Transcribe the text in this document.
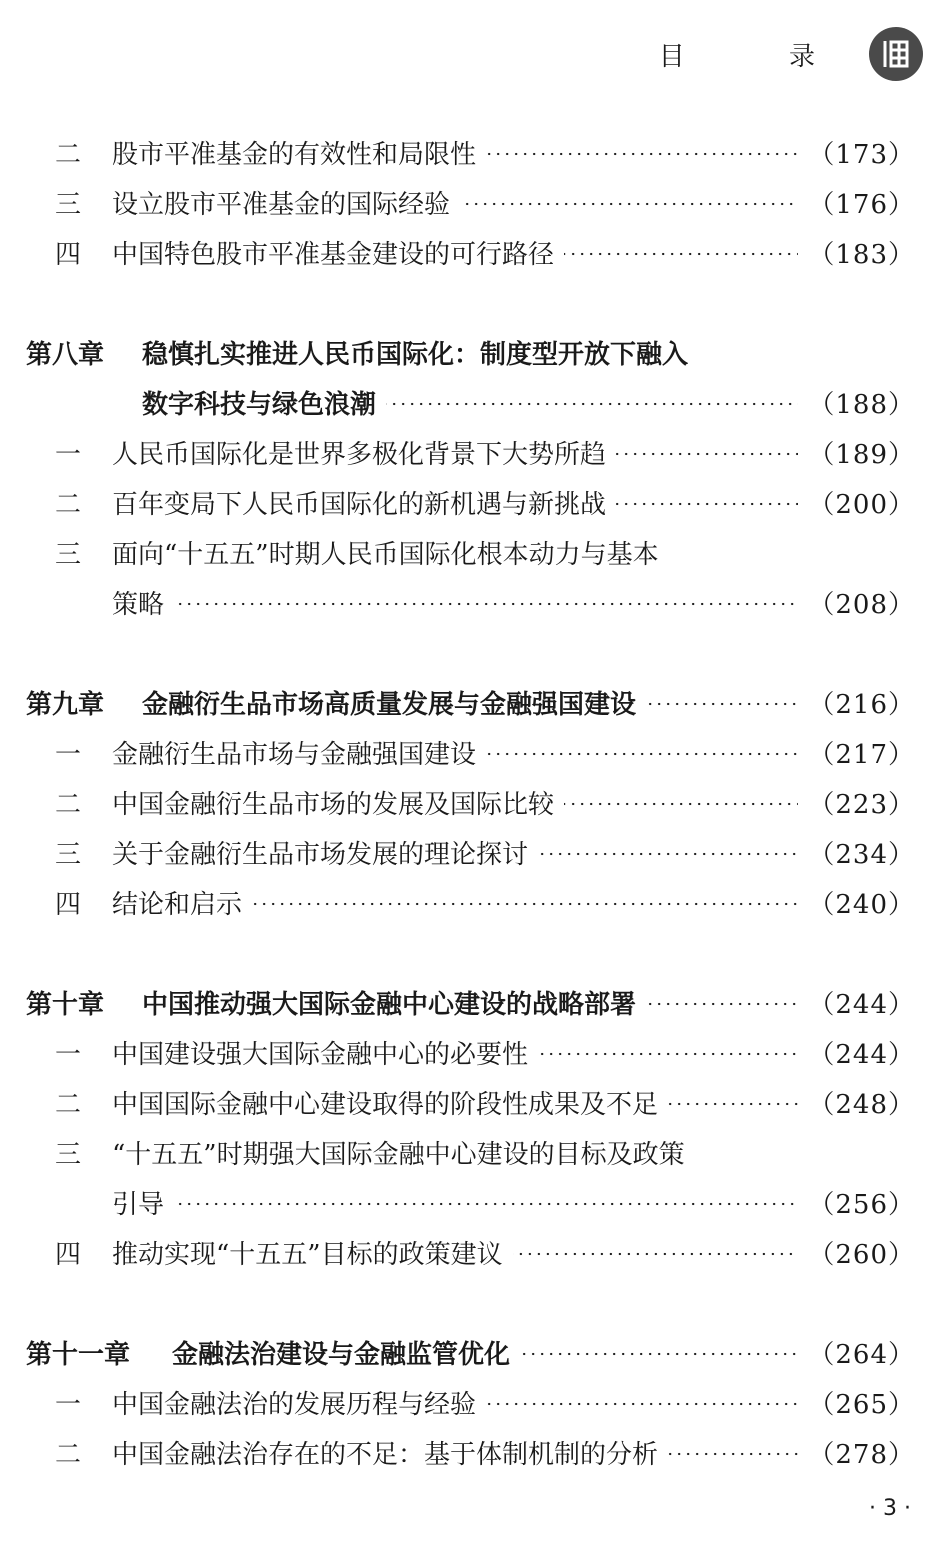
目 录
二 股市平准基金的有效性和局限性	（173）
三 设立股市平准基金的国际经验	（176）
四 中国特色股市平准基金建设的可行路径	（183）
第八章	稳慎扎实推进人民币国际化：制度型开放下融入
数字科技与绿色浪潮	（188）
一 人民币国际化是世界多极化背景下大势所趋	（189）
二 百年变局下人民币国际化的新机遇与新挑战	（200）
三 面向“十五五”时期人民币国际化根本动力与基本
策略	（208）
第九章	金融衍生品市场高质量发展与金融强国建设	（216）
一 金融衍生品市场与金融强国建设	（217）
二 中国金融衍生品市场的发展及国际比较	（223）
三 关于金融衍生品市场发展的理论探讨	（234）
四 结论和启示	（240）
第十章	中国推动强大国际金融中心建设的战略部署	（244）
一 中国建设强大国际金融中心的必要性	（244）
二 中国国际金融中心建设取得的阶段性成果及不足	（248）
三 “十五五”时期强大国际金融中心建设的目标及政策
引导	（256）
四 推动实现“十五五”目标的政策建议	（260）
第十一章	金融法治建设与金融监管优化	（264）
一 中国金融法治的发展历程与经验	（265）
二 中国金融法治存在的不足：基于体制机制的分析	（278）
· 3 ·
